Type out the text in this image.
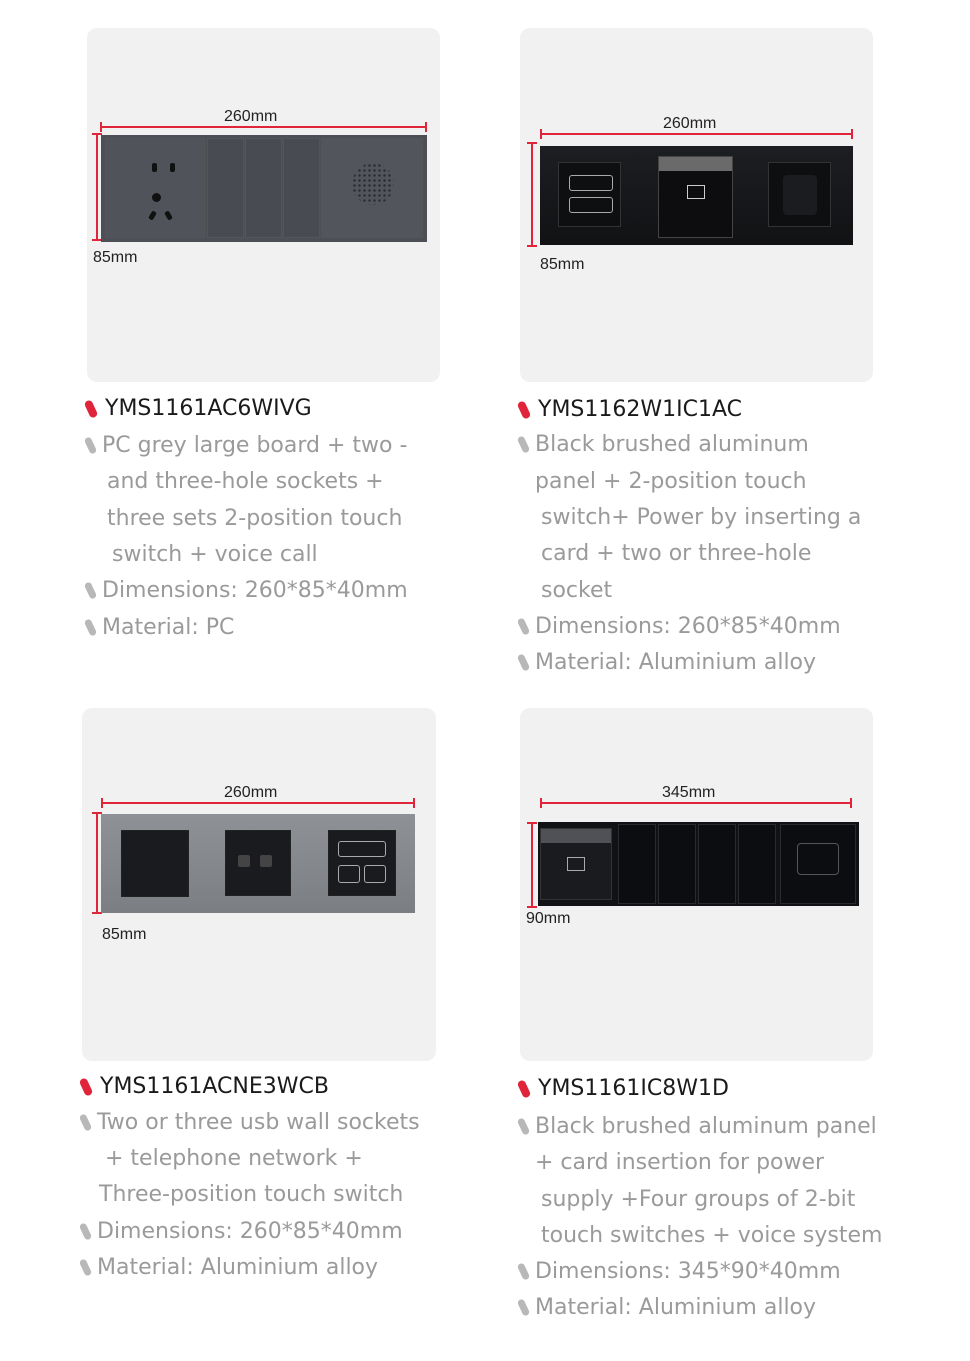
260mm
85mm
YMS1161AC6WIVG
PC grey large board + two -
and three-hole sockets +
three sets 2-position touch
switch + voice call
Dimensions: 260*85*40mm
Material: PC
260mm
85mm
YMS1162W1IC1AC
Black brushed aluminum
panel + 2-position touch
switch+ Power by inserting a
card + two or three-hole
socket
Dimensions: 260*85*40mm
Material: Aluminium alloy
260mm
85mm
YMS1161ACNE3WCB
Two or three usb wall sockets
+ telephone network +
Three-position touch switch
Dimensions: 260*85*40mm
Material: Aluminium alloy
345mm
90mm
YMS1161IC8W1D
Black brushed aluminum panel
+ card insertion for power
supply +Four groups of 2-bit
touch switches + voice system
Dimensions: 345*90*40mm
Material: Aluminium alloy
